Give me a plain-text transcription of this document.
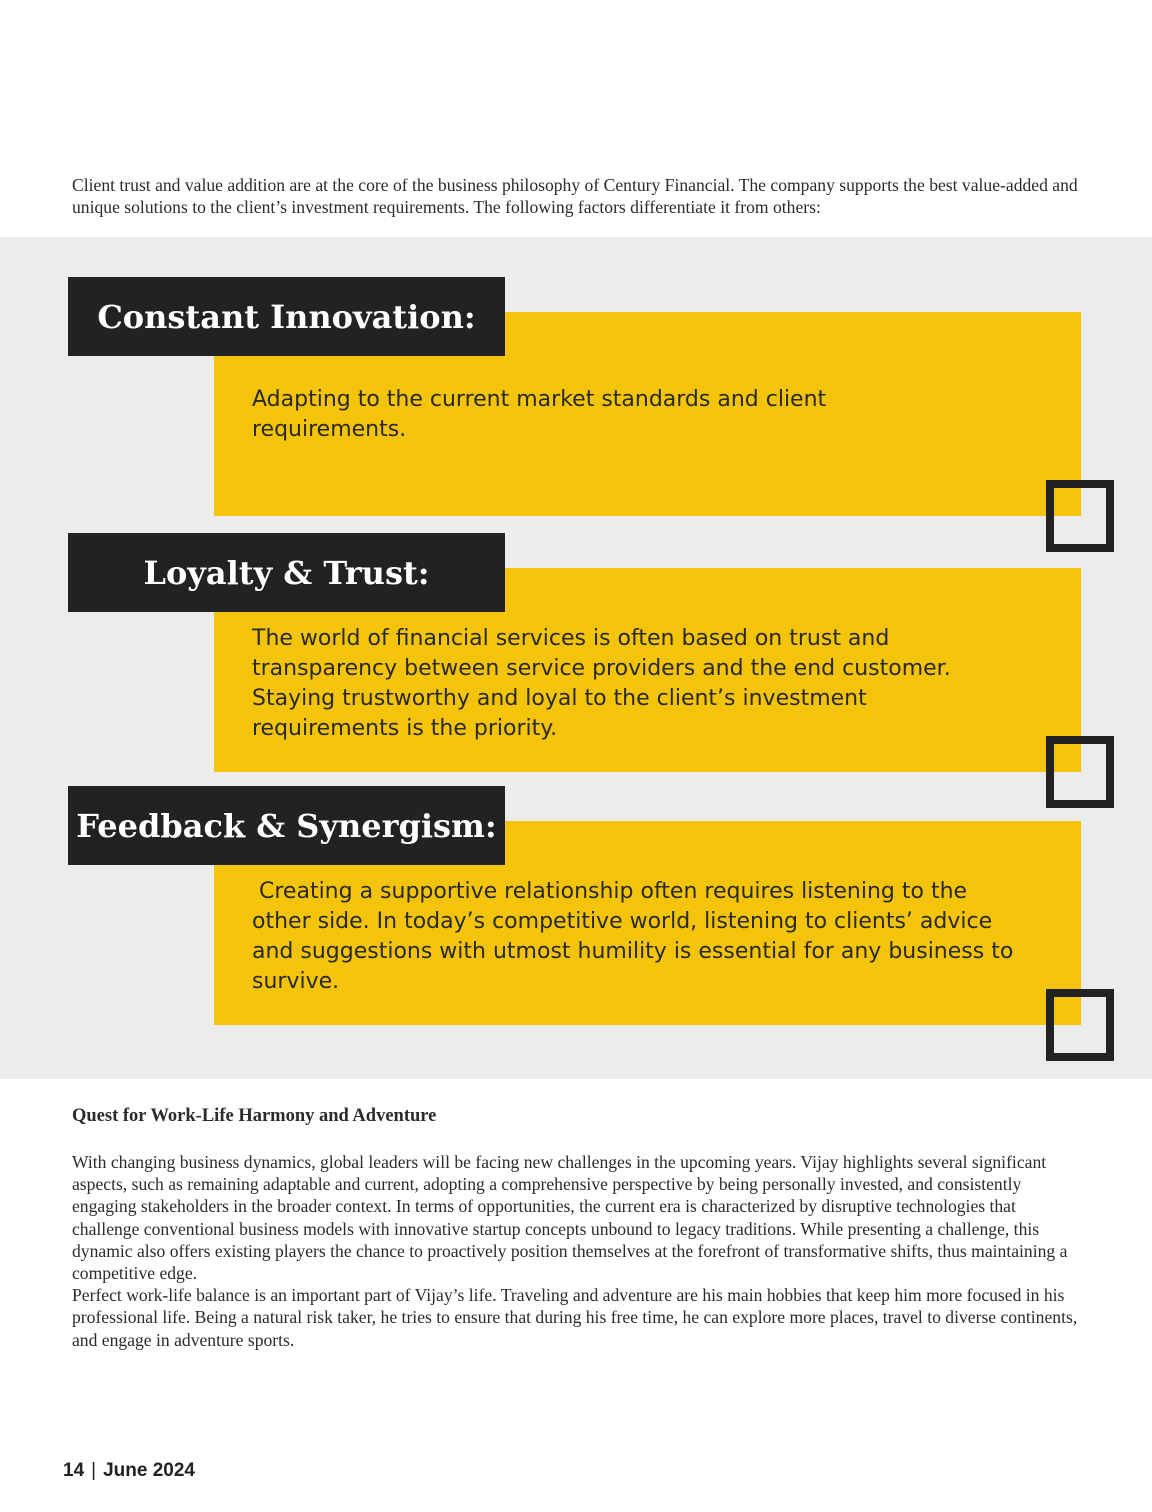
Client trust and value addition are at the core of the business philosophy of Century Financial. The company supports the best value-added and unique solutions to the client’s investment requirements. The following factors differentiate it from others:

Adapting to the current market standards and client
requirements.

Constant Innovation:

The world of financial services is often based on trust and
transparency between service providers and the end customer.
Staying trustworthy and loyal to the client’s investment
requirements is the priority.

Loyalty & Trust:

Creating a supportive relationship often requires listening to the
other side. In today’s competitive world, listening to clients’ advice
and suggestions with utmost humility is essential for any business to
survive.

Feedback & Synergism:
Quest for Work-Life Harmony and Adventure
With changing business dynamics, global leaders will be facing new challenges in the upcoming years. Vijay highlights several significant aspects, such as remaining adaptable and current, adopting a comprehensive perspective by being personally invested, and consistently engaging stakeholders in the broader context. In terms of opportunities, the current era is characterized by disruptive technologies that challenge conventional business models with innovative startup concepts unbound to legacy traditions. While presenting a challenge, this dynamic also offers existing players the chance to proactively position themselves at the forefront of transformative shifts, thus maintaining a competitive edge.
Perfect work-life balance is an important part of Vijay’s life. Traveling and adventure are his main hobbies that keep him more focused in his professional life. Being a natural risk taker, he tries to ensure that during his free time, he can explore more places, travel to diverse continents, and engage in adventure sports.
14 | June 2024
